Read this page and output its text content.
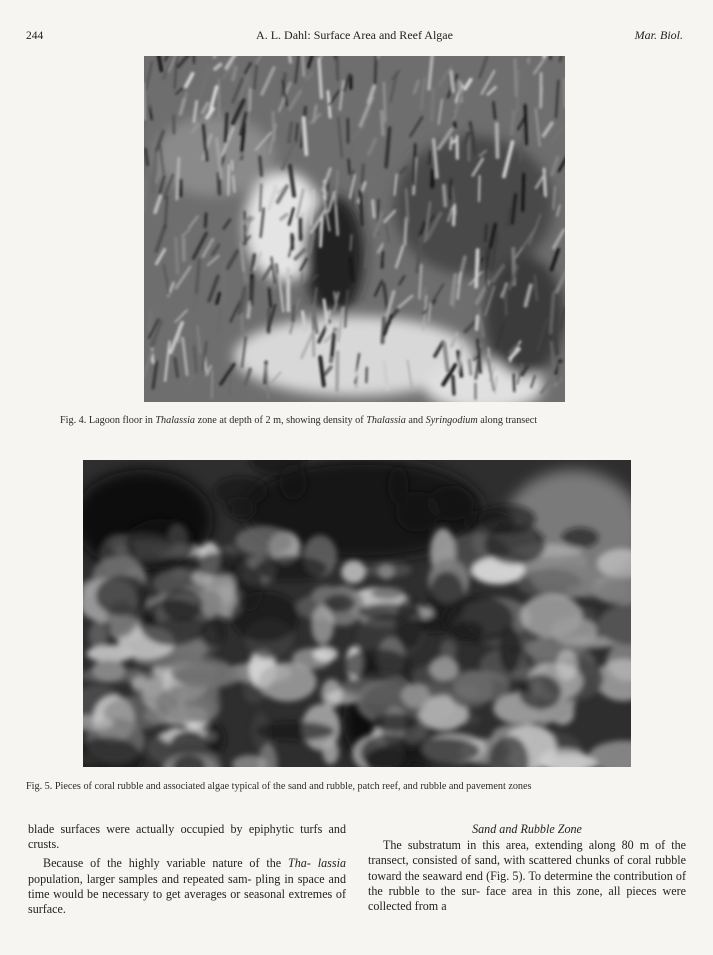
244	A. L. Dahl: Surface Area and Reef Algae	Mar. Biol.
Fig. 4. Lagoon floor in Thalassia zone at depth of 2 m, showing density of Thalassia and Syringodium along transect
Fig. 5. Pieces of coral rubble and associated algae typical of the sand and rubble, patch reef, and rubble and pavement zones

blade surfaces were actually occupied by epiphytic turfs and crusts.

Because of the highly variable nature of the Tha- lassia population, larger samples and repeated sam- pling in space and time would be necessary to get averages or seasonal extremes of surface.

Sand and Rubble Zone

The substratum in this area, extending along 80 m of the transect, consisted of sand, with scattered chunks of coral rubble toward the seaward end (Fig. 5). To determine the contribution of the rubble to the sur- face area in this zone, all pieces were collected from a
